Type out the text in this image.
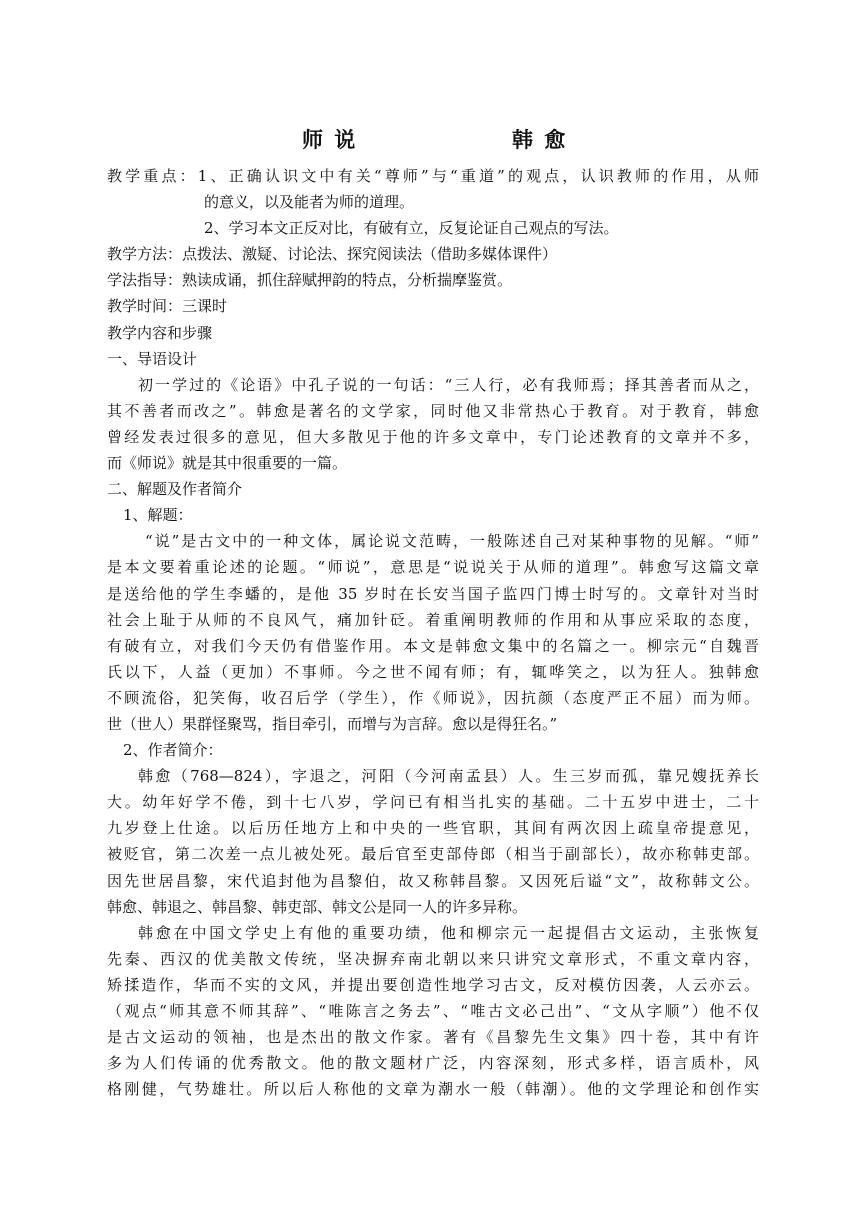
师 说	韩 愈
教学重点：1、正确认识文中有关“尊师”与“重道”的观点，认识教师的作用，从师
的意义，以及能者为师的道理。
2、学习本文正反对比，有破有立，反复论证自己观点的写法。
教学方法：点拨法、激疑、讨论法、探究阅读法（借助多媒体课件）
学法指导：熟读成诵，抓住辞赋押韵的特点，分析揣摩鉴赏。
教学时间：三课时
教学内容和步骤
一、导语设计
初一学过的《论语》中孔子说的一句话：“三人行，必有我师焉；择其善者而从之，
其不善者而改之”。韩愈是著名的文学家，同时他又非常热心于教育。对于教育，韩愈
曾经发表过很多的意见，但大多散见于他的许多文章中，专门论述教育的文章并不多，
而《师说》就是其中很重要的一篇。
二、解题及作者简介
1、解题：
“说”是古文中的一种文体，属论说文范畴，一般陈述自己对某种事物的见解。“师”
是本文要着重论述的论题。“师说”，意思是“说说关于从师的道理”。韩愈写这篇文章
是送给他的学生李蟠的，是他 35 岁时在长安当国子监四门博士时写的。文章针对当时
社会上耻于从师的不良风气，痛加针砭。着重阐明教师的作用和从事应采取的态度，
有破有立，对我们今天仍有借鉴作用。本文是韩愈文集中的名篇之一。柳宗元“自魏晋
氏以下，人益（更加）不事师。今之世不闻有师；有，辄哗笑之，以为狂人。独韩愈
不顾流俗，犯笑侮，收召后学（学生），作《师说》，因抗颜（态度严正不屈）而为师。
世（世人）果群怪聚骂，指目牵引，而增与为言辞。愈以是得狂名。”
2、作者简介：
韩愈（768—824），字退之，河阳（今河南孟县）人。生三岁而孤，靠兄嫂抚养长
大。幼年好学不倦，到十七八岁，学问已有相当扎实的基础。二十五岁中进士，二十
九岁登上仕途。以后历任地方上和中央的一些官职，其间有两次因上疏皇帝提意见，
被贬官，第二次差一点儿被处死。最后官至吏部侍郎（相当于副部长），故亦称韩吏部。
因先世居昌黎，宋代追封他为昌黎伯，故又称韩昌黎。又因死后谥“文”，故称韩文公。
韩愈、韩退之、韩昌黎、韩吏部、韩文公是同一人的许多异称。
韩愈在中国文学史上有他的重要功绩，他和柳宗元一起提倡古文运动，主张恢复
先秦、西汉的优美散文传统，坚决摒弃南北朝以来只讲究文章形式，不重文章内容，
矫揉造作，华而不实的文风，并提出要创造性地学习古文，反对模仿因袭，人云亦云。
（观点“师其意不师其辞”、“唯陈言之务去”、“唯古文必己出”、“文从字顺”）他不仅
是古文运动的领袖，也是杰出的散文作家。著有《昌黎先生文集》四十卷，其中有许
多为人们传诵的优秀散文。他的散文题材广泛，内容深刻，形式多样，语言质朴，风
格刚健，气势雄壮。所以后人称他的文章为潮水一般（韩潮）。他的文学理论和创作实
